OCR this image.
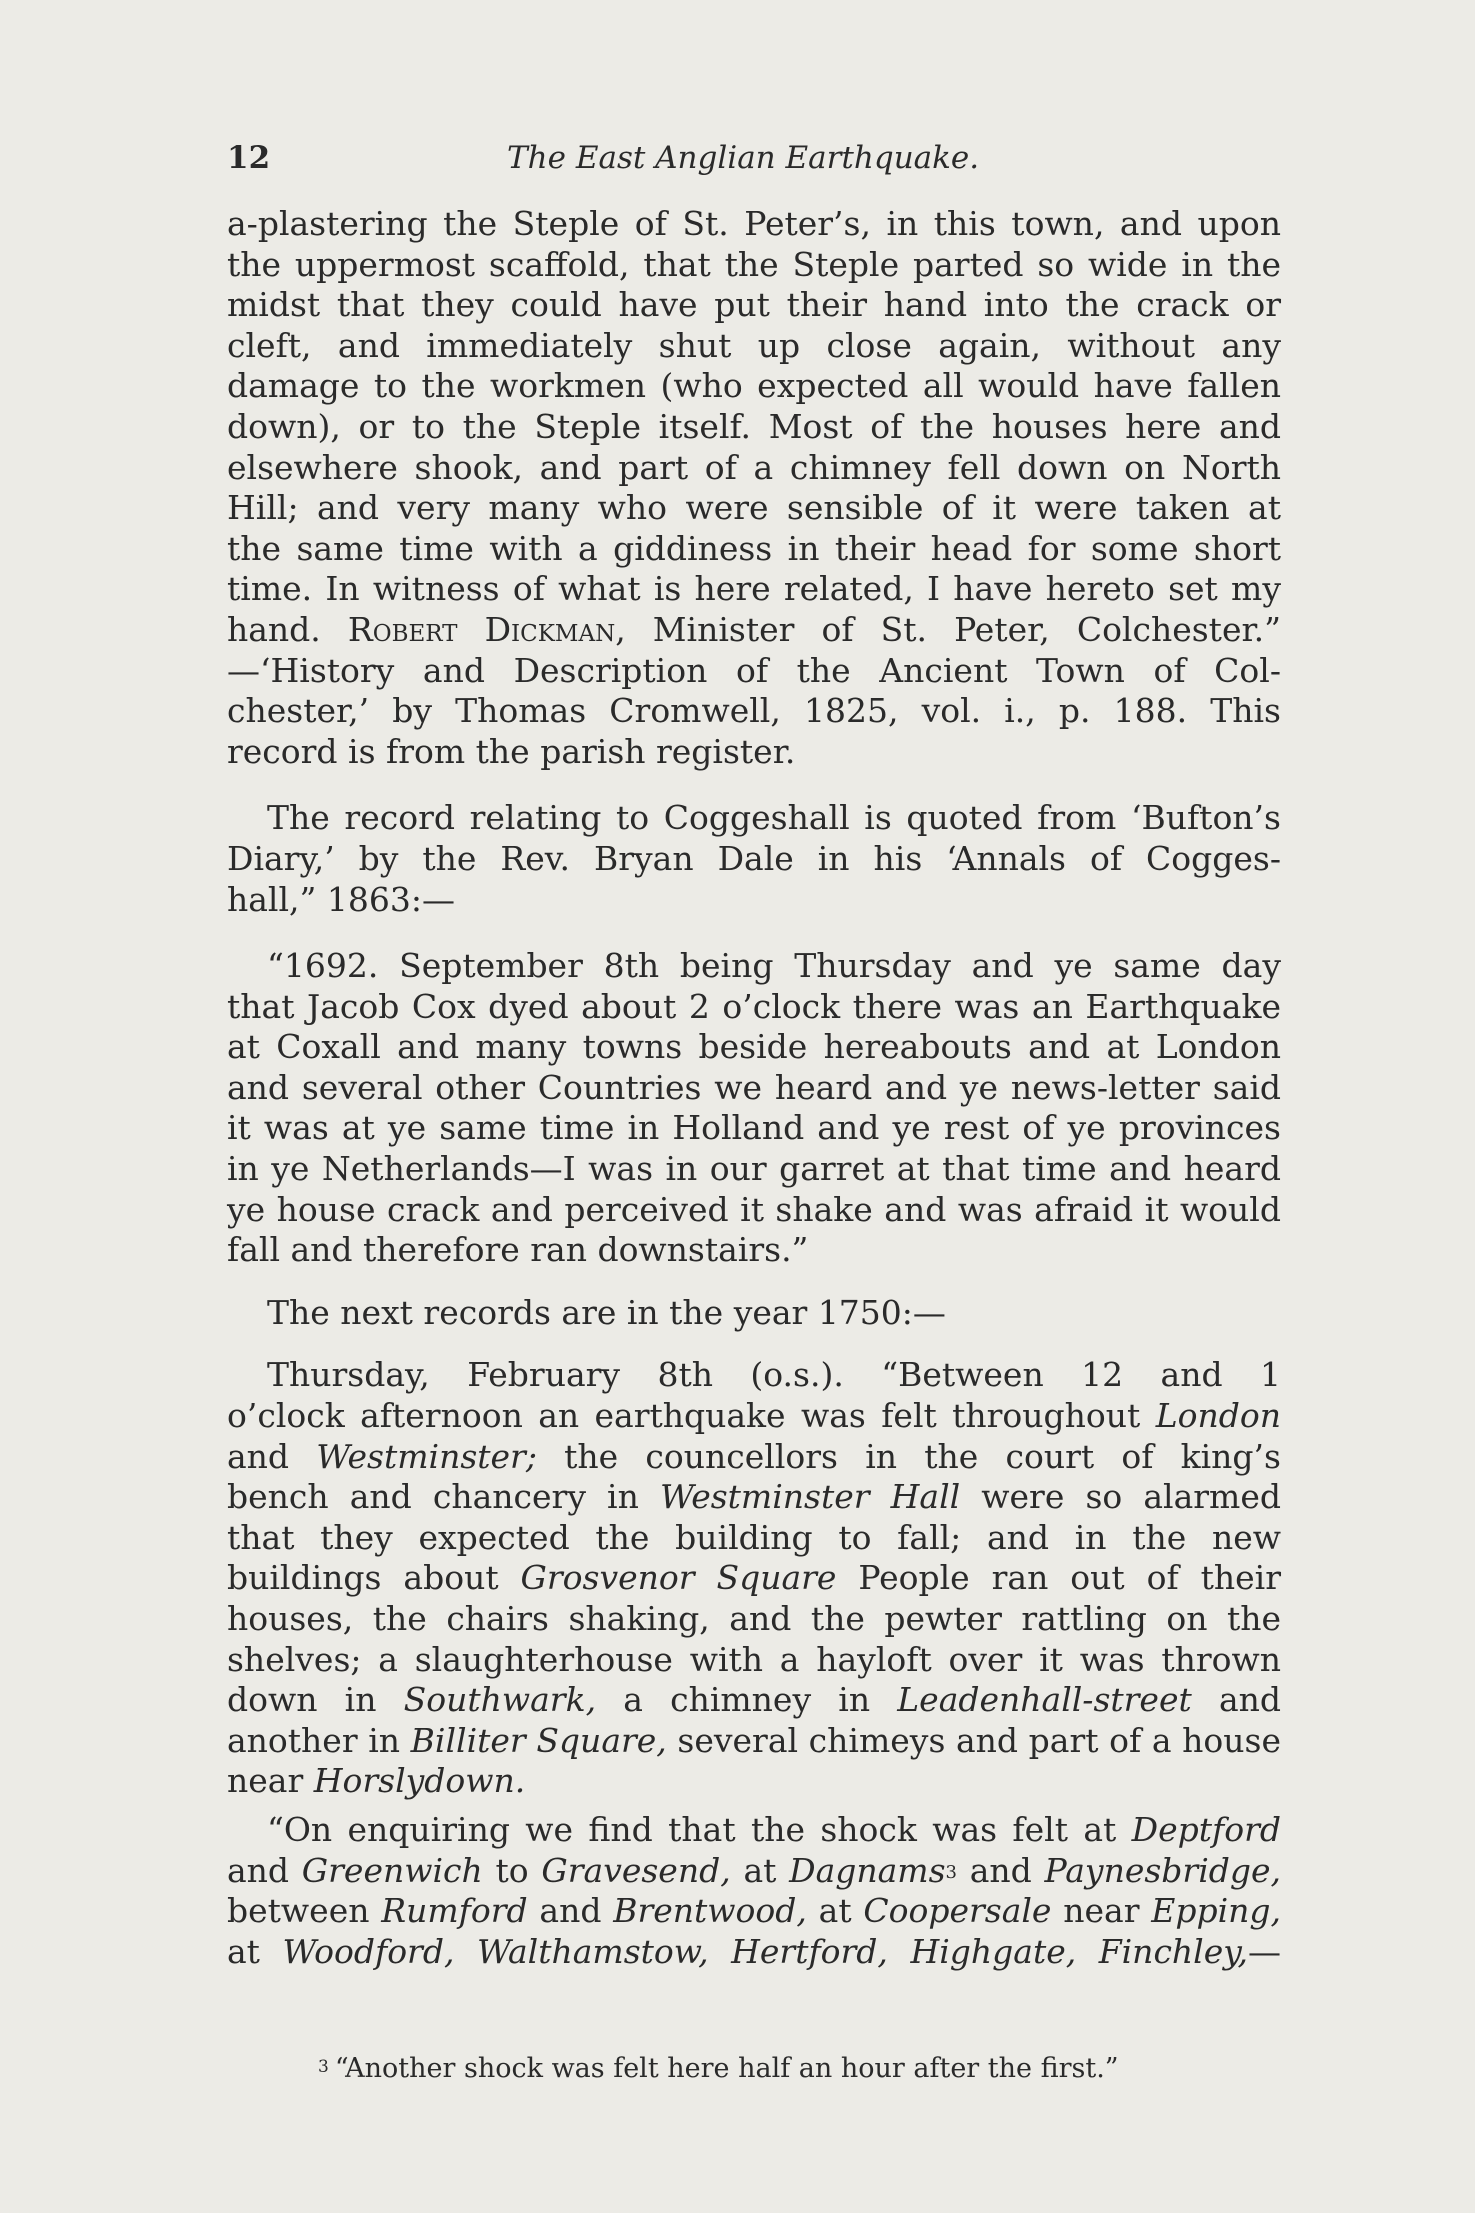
12	The East Anglian Earthquake.

a-plastering the Steple of St. Peter’s, in this town, and upon
the uppermost scaffold, that the Steple parted so wide in the
midst that they could have put their hand into the crack or
cleft, and immediately shut up close again, without any
damage to the workmen (who expected all would have fallen
down), or to the Steple itself. Most of the houses here and
elsewhere shook, and part of a chimney fell down on North
Hill; and very many who were sensible of it were taken at
the same time with a giddiness in their head for some short
time. In witness of what is here related, I have hereto set my
hand. Robert Dickman, Minister of St. Peter, Colchester.”
—‘History and Description of the Ancient Town of Col-
chester,’ by Thomas Cromwell, 1825, vol. i., p. 188. This
record is from the parish register.

The record relating to Coggeshall is quoted from ‘Bufton’s
Diary,’ by the Rev. Bryan Dale in his ‘Annals of Cogges-
hall,” 1863:—

“1692. September 8th being Thursday and ye same day
that Jacob Cox dyed about 2 o’clock there was an Earthquake
at Coxall and many towns beside hereabouts and at London
and several other Countries we heard and ye news-letter said
it was at ye same time in Holland and ye rest of ye provinces
in ye Netherlands—I was in our garret at that time and heard
ye house crack and perceived it shake and was afraid it would
fall and therefore ran downstairs.”

The next records are in the year 1750:—

Thursday, February 8th (o.s.). “Between 12 and 1
o’clock afternoon an earthquake was felt throughout London
and Westminster; the councellors in the court of king’s
bench and chancery in Westminster Hall were so alarmed
that they expected the building to fall; and in the new
buildings about Grosvenor Square People ran out of their
houses, the chairs shaking, and the pewter rattling on the
shelves; a slaughterhouse with a hayloft over it was thrown
down in Southwark, a chimney in Leadenhall-street and
another in Billiter Square, several chimeys and part of a house
near Horslydown.

“On enquiring we find that the shock was felt at Deptford
and Greenwich to Gravesend, at Dagnams$^3$ and Paynesbridge,
between Rumford and Brentwood, at Coopersale near Epping,
at Woodford, Walthamstow, Hertford, Highgate, Finchley,—

$^3$ “Another shock was felt here half an hour after the first.”
